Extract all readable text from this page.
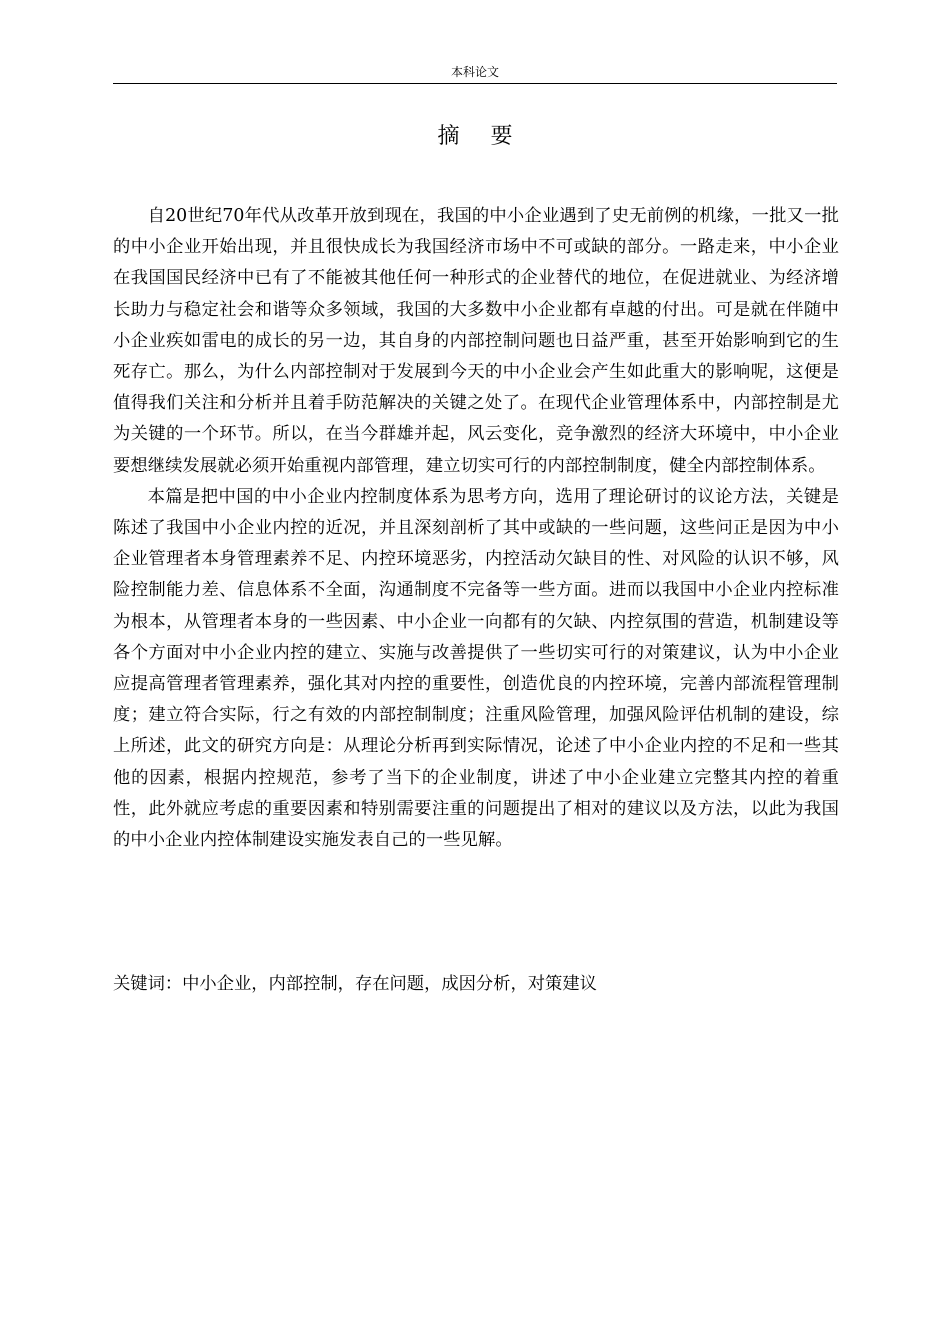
本科论文
摘 要

自20世纪70年代从改革开放到现在，我国的中小企业遇到了史无前例的机缘，一批又一批的中小企业开始出现，并且很快成长为我国经济市场中不可或缺的部分。一路走来，中小企业在我国国民经济中已有了不能被其他任何一种形式的企业替代的地位，在促进就业、为经济增长助力与稳定社会和谐等众多领域，我国的大多数中小企业都有卓越的付出。可是就在伴随中小企业疾如雷电的成长的另一边，其自身的内部控制问题也日益严重，甚至开始影响到它的生死存亡。那么，为什么内部控制对于发展到今天的中小企业会产生如此重大的影响呢，这便是值得我们关注和分析并且着手防范解决的关键之处了。在现代企业管理体系中，内部控制是尤为关键的一个环节。所以，在当今群雄并起，风云变化，竞争激烈的经济大环境中，中小企业要想继续发展就必须开始重视内部管理，建立切实可行的内部控制制度，健全内部控制体系。

本篇是把中国的中小企业内控制度体系为思考方向，选用了理论研讨的议论方法，关键是陈述了我国中小企业内控的近况，并且深刻剖析了其中或缺的一些问题，这些问正是因为中小企业管理者本身管理素养不足、内控环境恶劣，内控活动欠缺目的性、对风险的认识不够，风险控制能力差、信息体系不全面，沟通制度不完备等一些方面。进而以我国中小企业内控标准为根本，从管理者本身的一些因素、中小企业一向都有的欠缺、内控氛围的营造，机制建设等各个方面对中小企业内控的建立、实施与改善提供了一些切实可行的对策建议，认为中小企业应提高管理者管理素养，强化其对内控的重要性，创造优良的内控环境，完善内部流程管理制度；建立符合实际，行之有效的内部控制制度；注重风险管理，加强风险评估机制的建设，综上所述，此文的研究方向是：从理论分析再到实际情况，论述了中小企业内控的不足和一些其他的因素，根据内控规范，参考了当下的企业制度，讲述了中小企业建立完整其内控的着重性，此外就应考虑的重要因素和特别需要注重的问题提出了相对的建议以及方法，以此为我国的中小企业内控体制建设实施发表自己的一些见解。

关键词：中小企业，内部控制，存在问题，成因分析，对策建议
